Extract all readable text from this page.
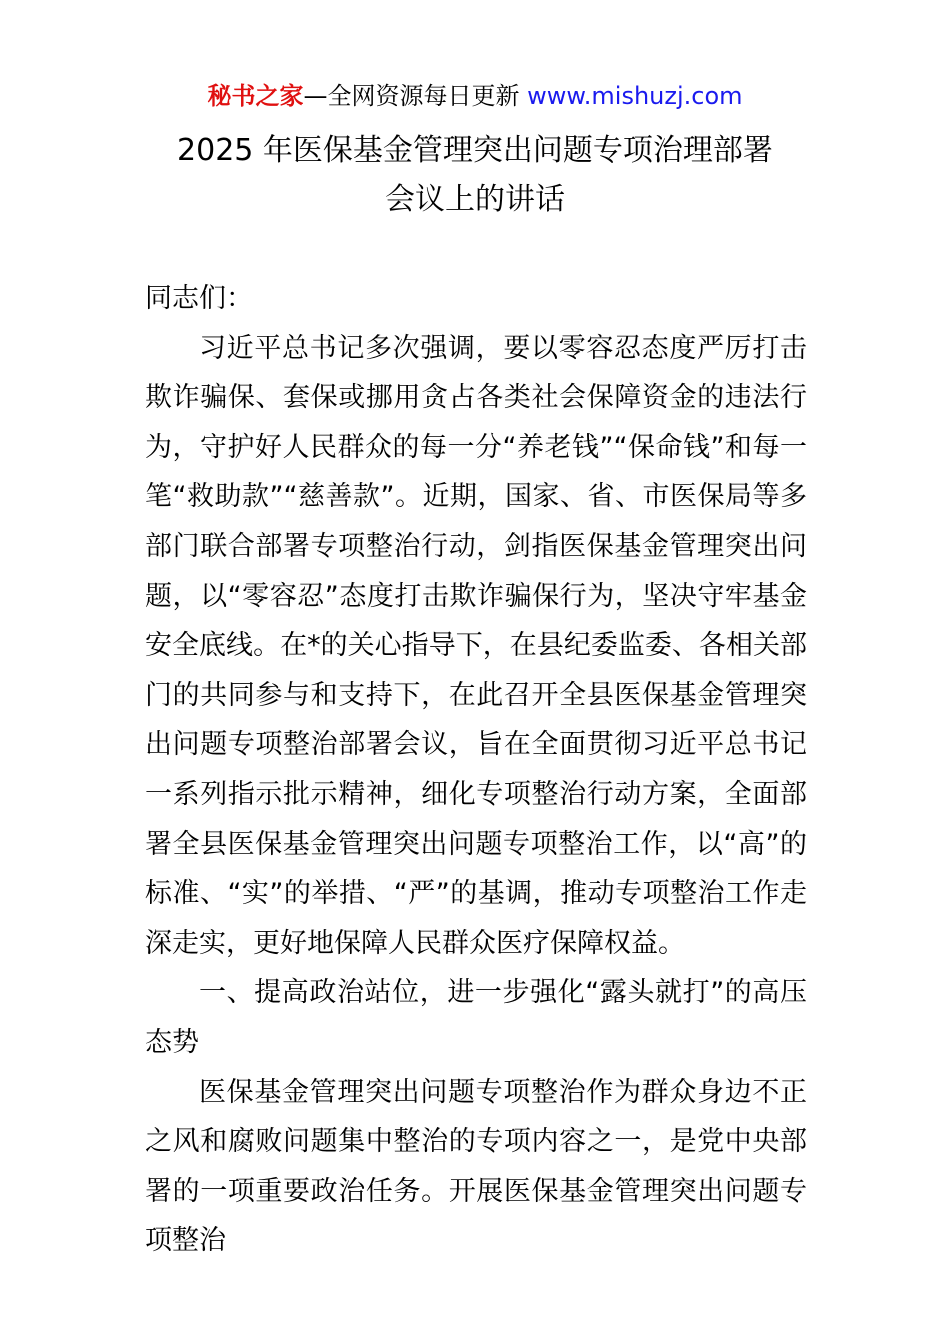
秘书之家—全网资源每日更新 www.mishuzj.com
2025 年医保基金管理突出问题专项治理部署
会议上的讲话

同志们：

习近平总书记多次强调，要以零容忍态度严厉打击欺诈骗保、套保或挪用贪占各类社会保障资金的违法行为，守护好人民群众的每一分“养老钱”“保命钱”和每一笔“救助款”“慈善款”。近期，国家、省、市医保局等多部门联合部署专项整治行动，剑指医保基金管理突出问题，以“零容忍”态度打击欺诈骗保行为，坚决守牢基金安全底线。在*的关心指导下，在县纪委监委、各相关部门的共同参与和支持下，在此召开全县医保基金管理突出问题专项整治部署会议，旨在全面贯彻习近平总书记一系列指示批示精神，细化专项整治行动方案，全面部署全县医保基金管理突出问题专项整治工作，以“高”的标准、“实”的举措、“严”的基调，推动专项整治工作走深走实，更好地保障人民群众医疗保障权益。

一、提高政治站位，进一步强化“露头就打”的高压态势

医保基金管理突出问题专项整治作为群众身边不正之风和腐败问题集中整治的专项内容之一，是党中央部署的一项重要政治任务。开展医保基金管理突出问题专项整治
